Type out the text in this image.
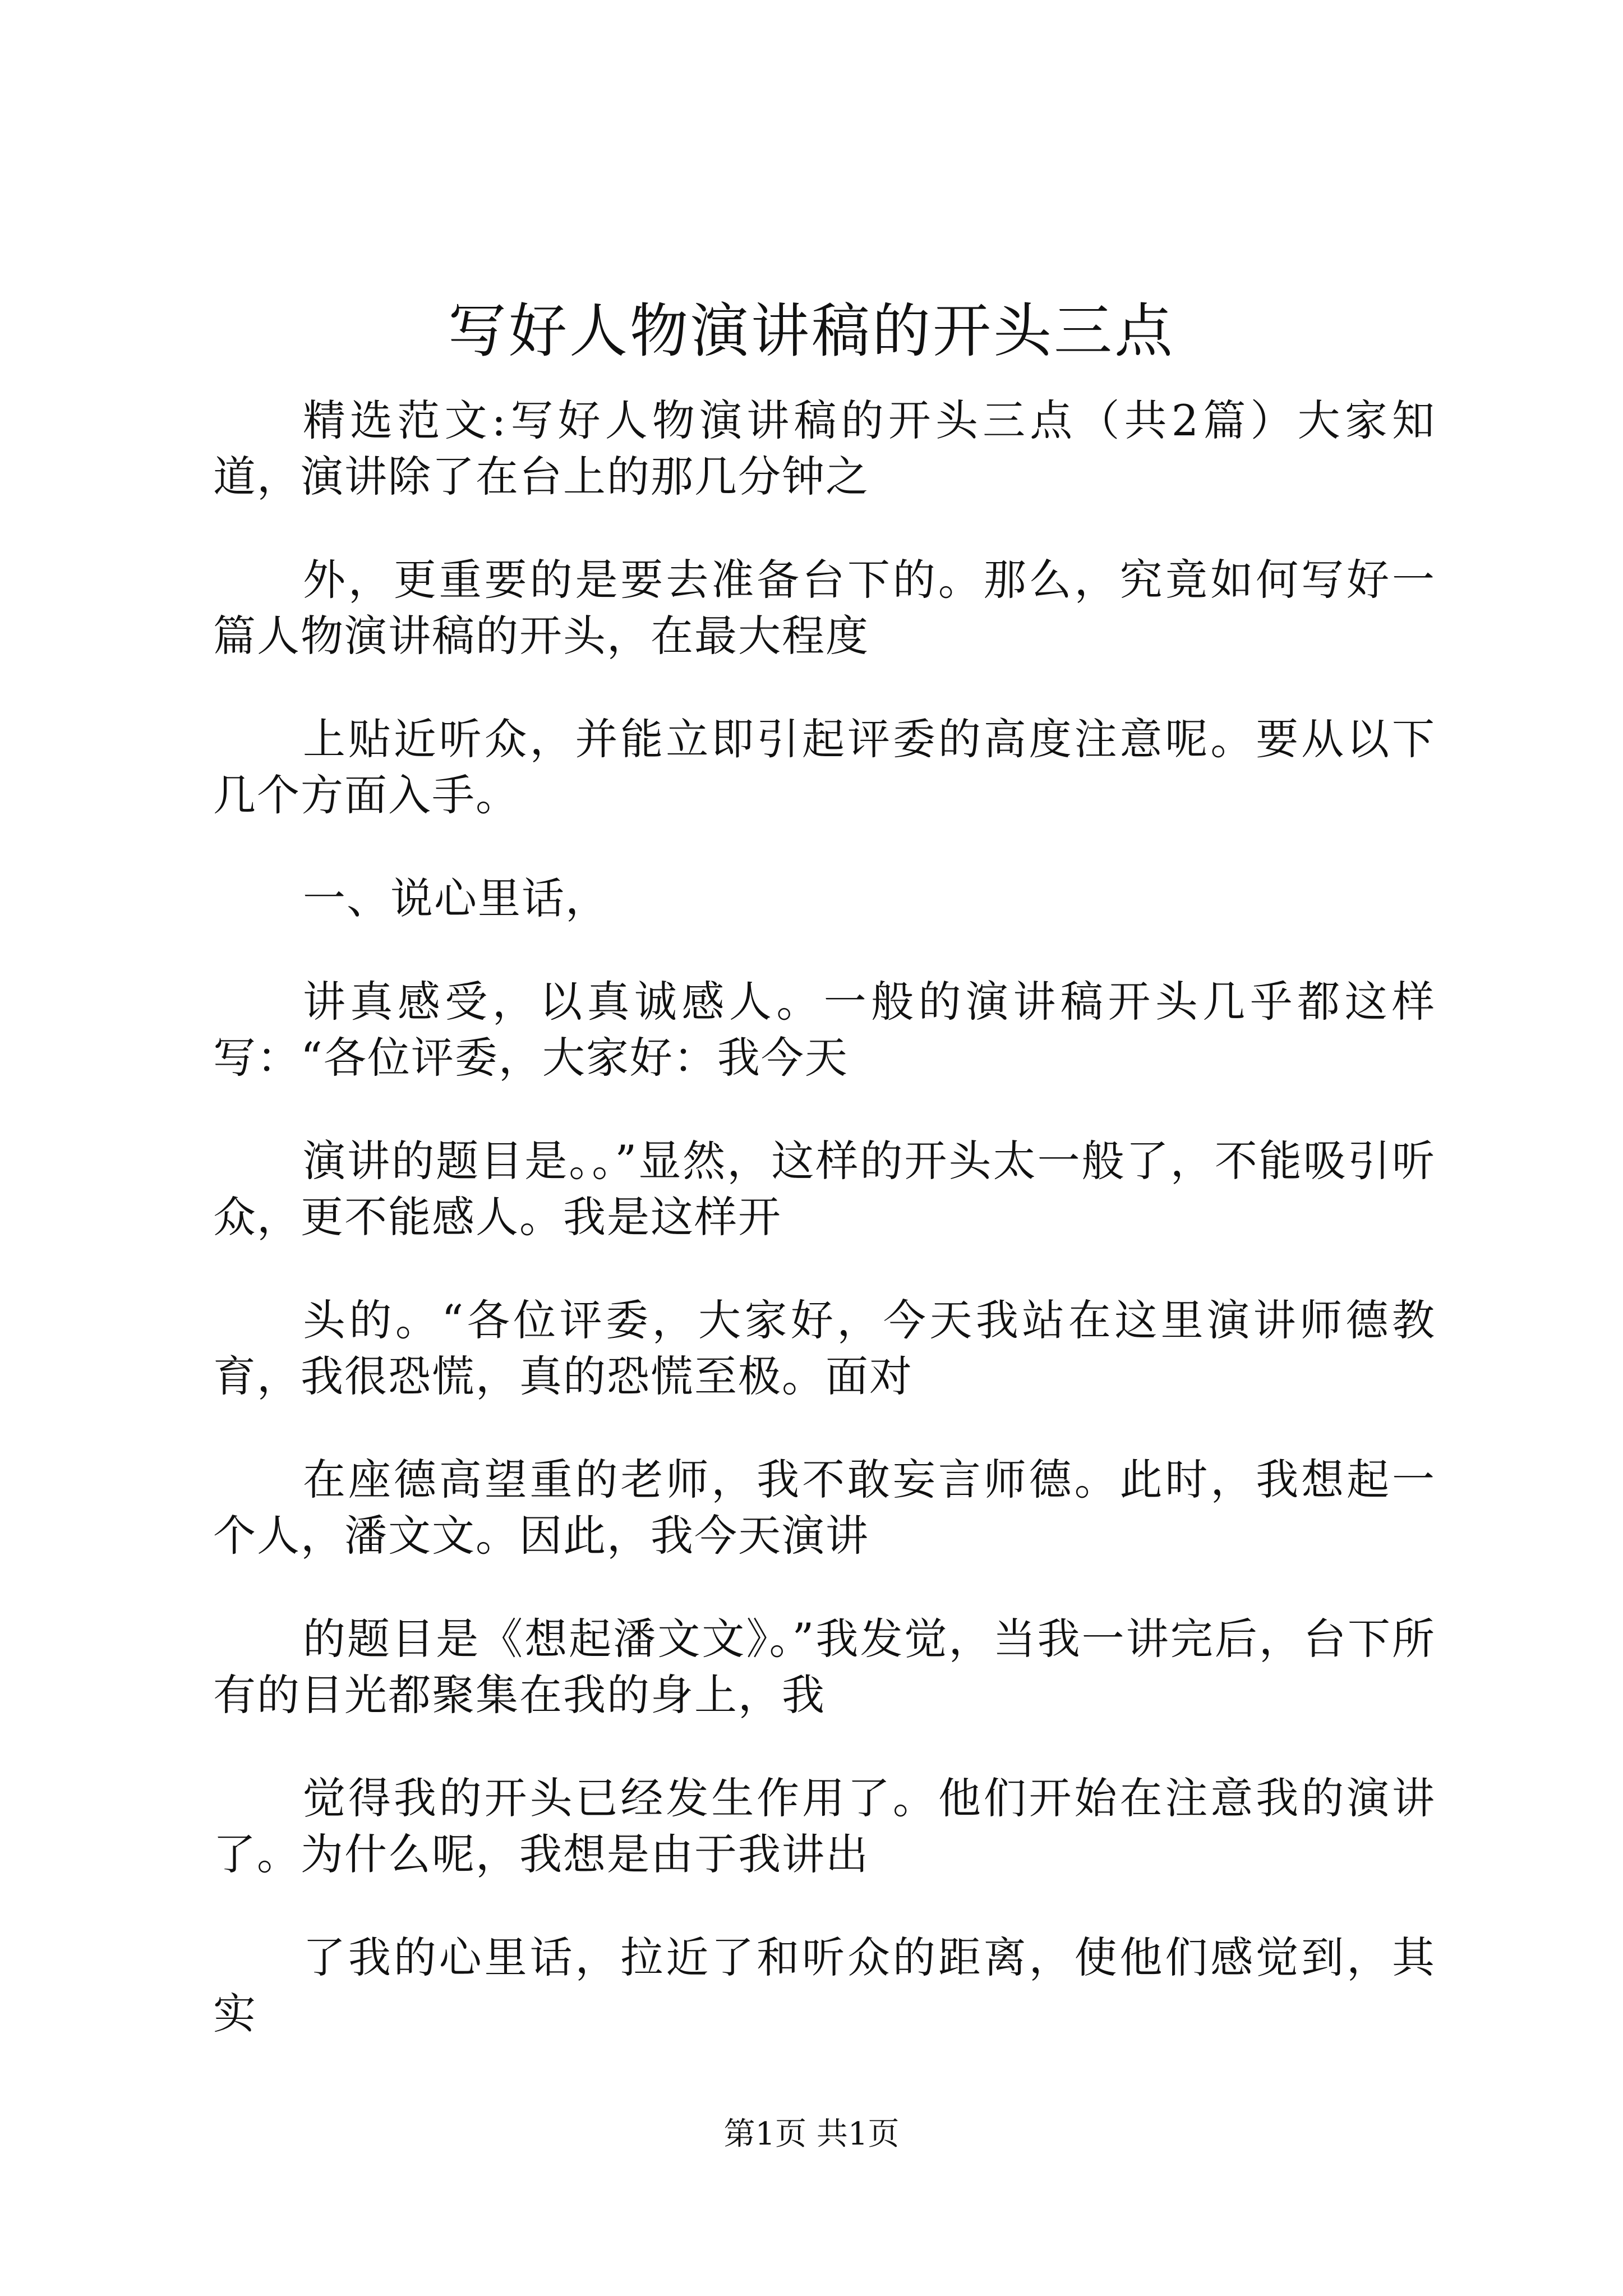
写好人物演讲稿的开头三点

精选范文:写好人物演讲稿的开头三点（共2篇）大家知道，演讲除了在台上的那几分钟之

外，更重要的是要去准备台下的。那么，究竟如何写好一篇人物演讲稿的开头，在最大程度

上贴近听众，并能立即引起评委的高度注意呢。要从以下几个方面入手。

一、说心里话，

讲真感受，以真诚感人。一般的演讲稿开头几乎都这样写：“各位评委，大家好：我今天

演讲的题目是。。”显然，这样的开头太一般了，不能吸引听众，更不能感人。我是这样开

头的。“各位评委，大家好，今天我站在这里演讲师德教育，我很恐慌，真的恐慌至极。面对

在座德高望重的老师，我不敢妄言师德。此时，我想起一个人，潘文文。因此，我今天演讲

的题目是《想起潘文文》。”我发觉，当我一讲完后，台下所有的目光都聚集在我的身上，我

觉得我的开头已经发生作用了。他们开始在注意我的演讲了。为什么呢，我想是由于我讲出

了我的心里话，拉近了和听众的距离，使他们感觉到，其实

第1页 共1页
